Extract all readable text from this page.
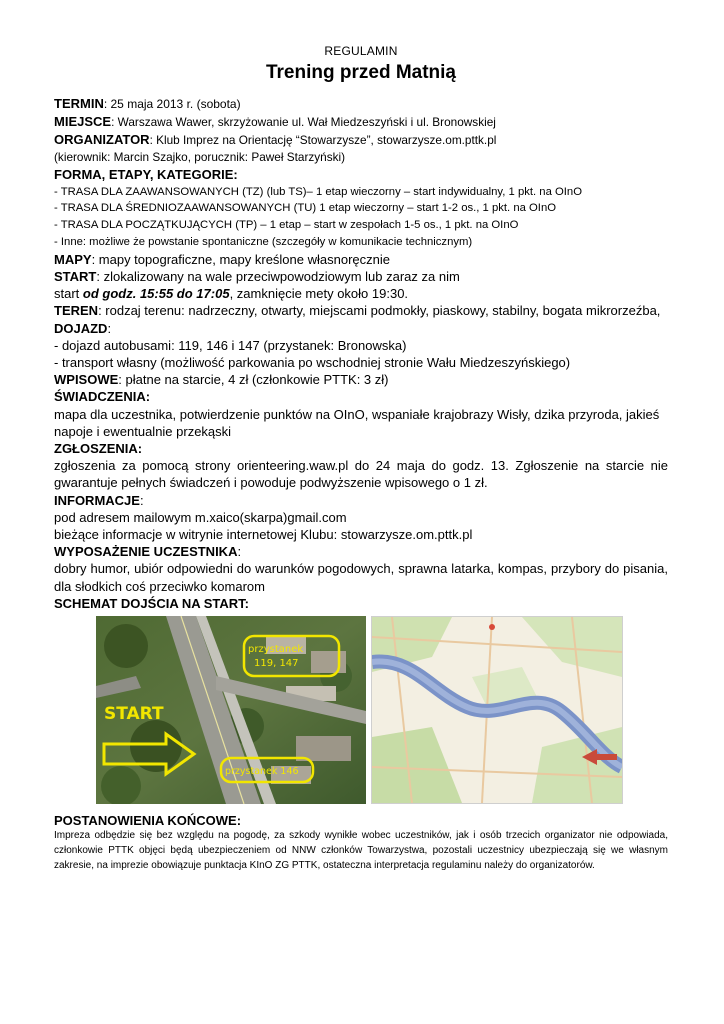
REGULAMIN

Trening przed Matnią

TERMIN: 25 maja 2013 r. (sobota)

MIEJSCE: Warszawa Wawer, skrzyżowanie ul. Wał Miedzeszyński i ul. Bronowskiej

ORGANIZATOR: Klub Imprez na Orientację “Stowarzysze”, stowarzysze.om.pttk.pl

(kierownik: Marcin Szajko, porucznik: Paweł Starzyński)

FORMA, ETAPY, KATEGORIE:

- TRASA DLA ZAAWANSOWANYCH (TZ) (lub TS)– 1 etap wieczorny – start indywidualny, 1 pkt. na OInO

- TRASA DLA ŚREDNIOZAAWANSOWANYCH (TU) 1 etap wieczorny – start 1-2 os., 1 pkt. na OInO

- TRASA DLA POCZĄTKUJĄCYCH (TP) – 1 etap – start w zespołach 1-5 os., 1 pkt. na OInO

- Inne: możliwe że powstanie spontaniczne (szczegóły w komunikacie technicznym)

MAPY: mapy topograficzne, mapy kreślone własnoręcznie

START: zlokalizowany na wale przeciwpowodziowym lub zaraz za nim

start od godz. 15:55 do 17:05, zamknięcie mety około 19:30.

TEREN: rodzaj terenu: nadrzeczny, otwarty, miejscami podmokły, piaskowy, stabilny, bogata mikrorzeźba,

DOJAZD:

- dojazd autobusami: 119, 146 i 147 (przystanek: Bronowska)

- transport własny (możliwość parkowania po wschodniej stronie Wału Miedzeszyńskiego)

WPISOWE: płatne na starcie, 4 zł (członkowie PTTK: 3 zł)

ŚWIADCZENIA:

mapa dla uczestnika, potwierdzenie punktów na OInO, wspaniałe krajobrazy Wisły, dzika przyroda, jakieś napoje i ewentualnie przekąski

ZGŁOSZENIA:

zgłoszenia za pomocą strony orienteering.waw.pl do 24 maja do godz. 13. Zgłoszenie na starcie nie gwarantuje pełnych świadczeń i powoduje podwyższenie wpisowego o 1 zł.

INFORMACJE:

pod adresem mailowym m.xaico(skarpa)gmail.com

bieżące informacje w witrynie internetowej Klubu: stowarzysze.om.pttk.pl

WYPOSAŻENIE UCZESTNIKA:

dobry humor, ubiór odpowiedni do warunków pogodowych, sprawna latarka, kompas, przybory do pisania, dla słodkich coś przeciwko komarom

SCHEMAT DOJŚCIA NA START:

START
przystanek
119, 147
przystanek 146

POSTANOWIENIA KOŃCOWE:

Impreza odbędzie się bez względu na pogodę, za szkody wynikłe wobec uczestników, jak i osób trzecich organizator nie odpowiada, członkowie PTTK objęci będą ubezpieczeniem od NNW członków Towarzystwa, pozostali uczestnicy ubezpieczają się we własnym zakresie, na imprezie obowiązuje punktacja KInO ZG PTTK, ostateczna interpretacja regulaminu należy do organizatorów.
